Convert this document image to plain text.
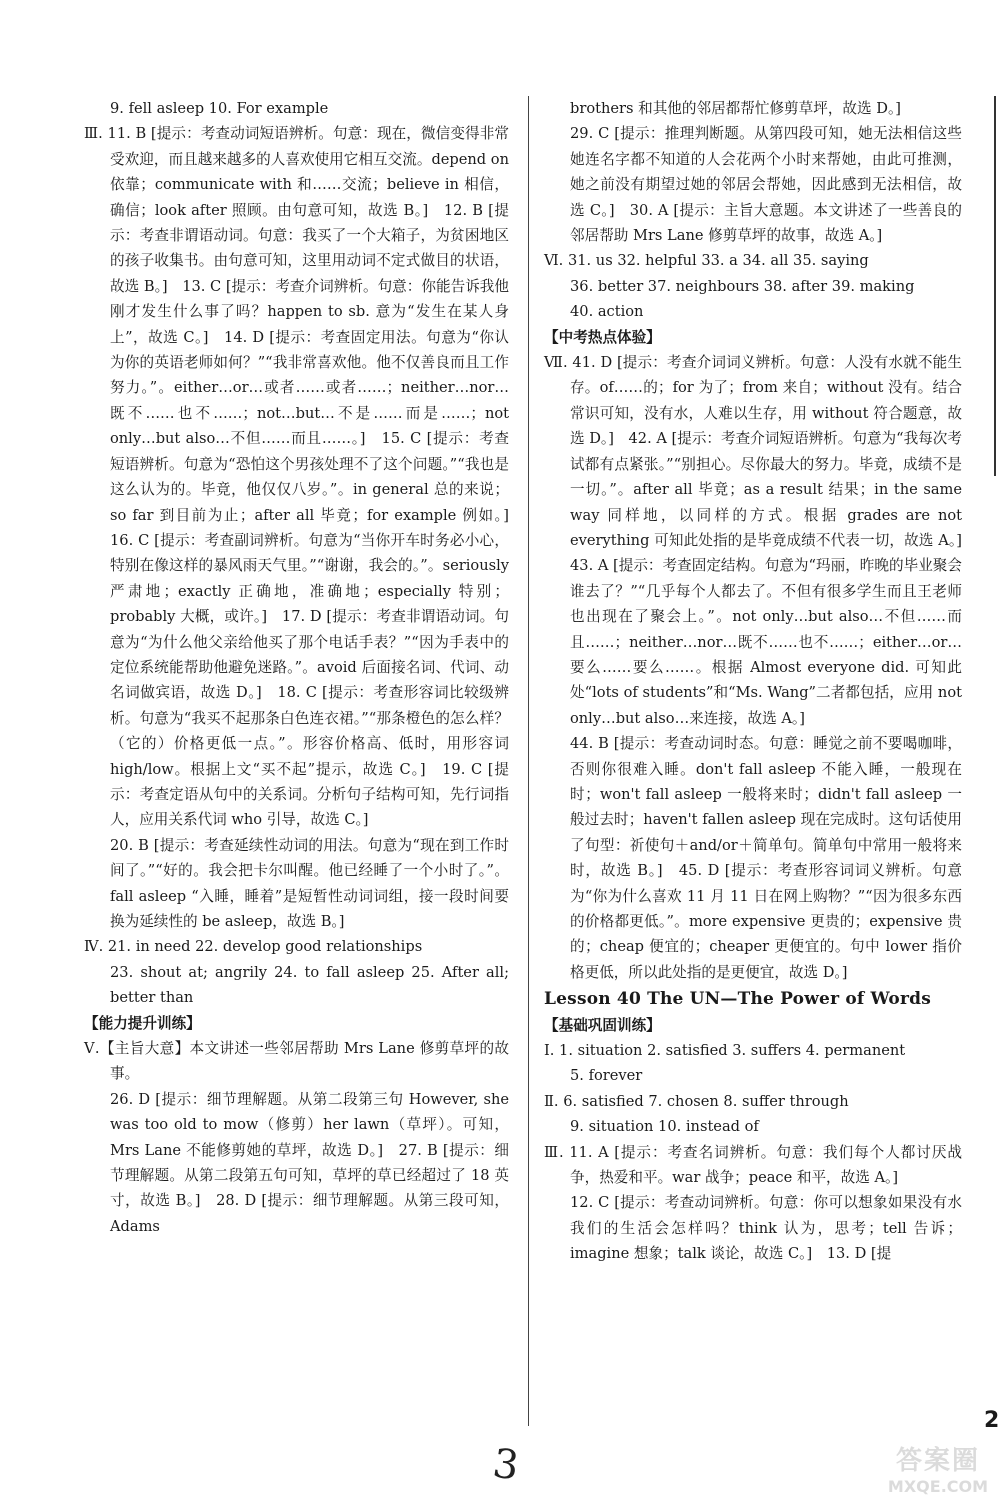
9. fell asleep 10. For example

Ⅲ. 11. B [提示：考查动词短语辨析。句意：现在，微信变得非常受欢迎，而且越来越多的人喜欢使用它相互交流。depend on 依靠；communicate with 和……交流；believe in 相信，确信；look after 照顾。由句意可知，故选 B。]　12. B [提示：考查非谓语动词。句意：我买了一个大箱子，为贫困地区的孩子收集书。由句意可知，这里用动词不定式做目的状语，故选 B。]　13. C [提示：考查介词辨析。句意：你能告诉我他刚才发生什么事了吗？happen to sb. 意为“发生在某人身上”，故选 C。]　14. D [提示：考查固定用法。句意为“你认为你的英语老师如何？”“我非常喜欢他。他不仅善良而且工作努力。”。either…or…或者……或者……；neither…nor…既不……也不……；not…but…不是……而是……；not only…but also…不但……而且……。]　15. C [提示：考查短语辨析。句意为“恐怕这个男孩处理不了这个问题。”“我也是这么认为的。毕竟，他仅仅八岁。”。in general 总的来说；so far 到目前为止；after all 毕竟；for example 例如。]　16. C [提示：考查副词辨析。句意为“当你开车时务必小心，特别在像这样的暴风雨天气里。”“谢谢，我会的。”。seriously 严肃地；exactly 正确地，准确地；especially 特别；probably 大概，或许。]　17. D [提示：考查非谓语动词。句意为“为什么他父亲给他买了那个电话手表？”“因为手表中的定位系统能帮助他避免迷路。”。avoid 后面接名词、代词、动名词做宾语，故选 D。]　18. C [提示：考查形容词比较级辨析。句意为“我买不起那条白色连衣裙。”“那条橙色的怎么样？（它的）价格更低一点。”。形容价格高、低时，用形容词 high/low。根据上文“买不起”提示，故选 C。]　19. C [提示：考查定语从句中的关系词。分析句子结构可知，先行词指人，应用关系代词 who 引导，故选 C。]

20. B [提示：考查延续性动词的用法。句意为“现在到工作时间了。”“好的。我会把卡尔叫醒。他已经睡了一个小时了。”。fall asleep “入睡，睡着”是短暂性动词词组，接一段时间要换为延续性的 be asleep，故选 B。]

Ⅳ. 21. in need 22. develop good relationships

23. shout at; angrily 24. to fall asleep 25. After all; better than

【能力提升训练】

Ⅴ.【主旨大意】本文讲述一些邻居帮助 Mrs Lane 修剪草坪的故事。

26. D [提示：细节理解题。从第二段第三句 However, she was too old to mow（修剪）her lawn（草坪）。可知，Mrs Lane 不能修剪她的草坪，故选 D。]　27. B [提示：细节理解题。从第二段第五句可知，草坪的草已经超过了 18 英寸，故选 B。]　28. D [提示：细节理解题。从第三段可知，Adams

brothers 和其他的邻居都帮忙修剪草坪，故选 D。]

29. C [提示：推理判断题。从第四段可知，她无法相信这些她连名字都不知道的人会花两个小时来帮她，由此可推测，她之前没有期望过她的邻居会帮她，因此感到无法相信，故选 C。]　30. A [提示：主旨大意题。本文讲述了一些善良的邻居帮助 Mrs Lane 修剪草坪的故事，故选 A。]

Ⅵ. 31. us 32. helpful 33. a 34. all 35. saying

36. better 37. neighbours 38. after 39. making

40. action

【中考热点体验】

Ⅶ. 41. D [提示：考查介词词义辨析。句意：人没有水就不能生存。of……的；for 为了；from 来自；without 没有。结合常识可知，没有水，人难以生存，用 without 符合题意，故选 D。]　42. A [提示：考查介词短语辨析。句意为“我每次考试都有点紧张。”“别担心。尽你最大的努力。毕竟，成绩不是一切。”。after all 毕竟；as a result 结果；in the same way 同样地，以同样的方式。根据 grades are not everything 可知此处指的是毕竟成绩不代表一切，故选 A。]　43. A [提示：考查固定结构。句意为“玛丽，昨晚的毕业聚会谁去了？”“几乎每个人都去了。不但有很多学生而且王老师也出现在了聚会上。”。not only…but also…不但……而且……；neither…nor…既不……也不……；either…or…要么……要么……。根据 Almost everyone did. 可知此处“lots of students”和“Ms. Wang”二者都包括，应用 not only…but also…来连接，故选 A。]

44. B [提示：考查动词时态。句意：睡觉之前不要喝咖啡，否则你很难入睡。don't fall asleep 不能入睡，一般现在时；won't fall asleep 一般将来时；didn't fall asleep 一般过去时；haven't fallen asleep 现在完成时。这句话使用了句型：祈使句＋and/or＋简单句。简单句中常用一般将来时，故选 B。]　45. D [提示：考查形容词词义辨析。句意为“你为什么喜欢 11 月 11 日在网上购物？”“因为很多东西的价格都更低。”。more expensive 更贵的；expensive 贵的；cheap 便宜的；cheaper 更便宜的。句中 lower 指价格更低，所以此处指的是更便宜，故选 D。]

Lesson 40 The UN—The Power of Words

【基础巩固训练】

Ⅰ. 1. situation 2. satisfied 3. suffers 4. permanent

5. forever

Ⅱ. 6. satisfied 7. chosen 8. suffer through

9. situation 10. instead of

Ⅲ. 11. A [提示：考查名词辨析。句意：我们每个人都讨厌战争，热爱和平。war 战争；peace 和平，故选 A。]

12. C [提示：考查动词辨析。句意：你可以想象如果没有水我们的生活会怎样吗？think 认为，思考；tell 告诉；imagine 想象；talk 谈论，故选 C。]　13. D [提

3
2
答案圈
MXQE.COM
